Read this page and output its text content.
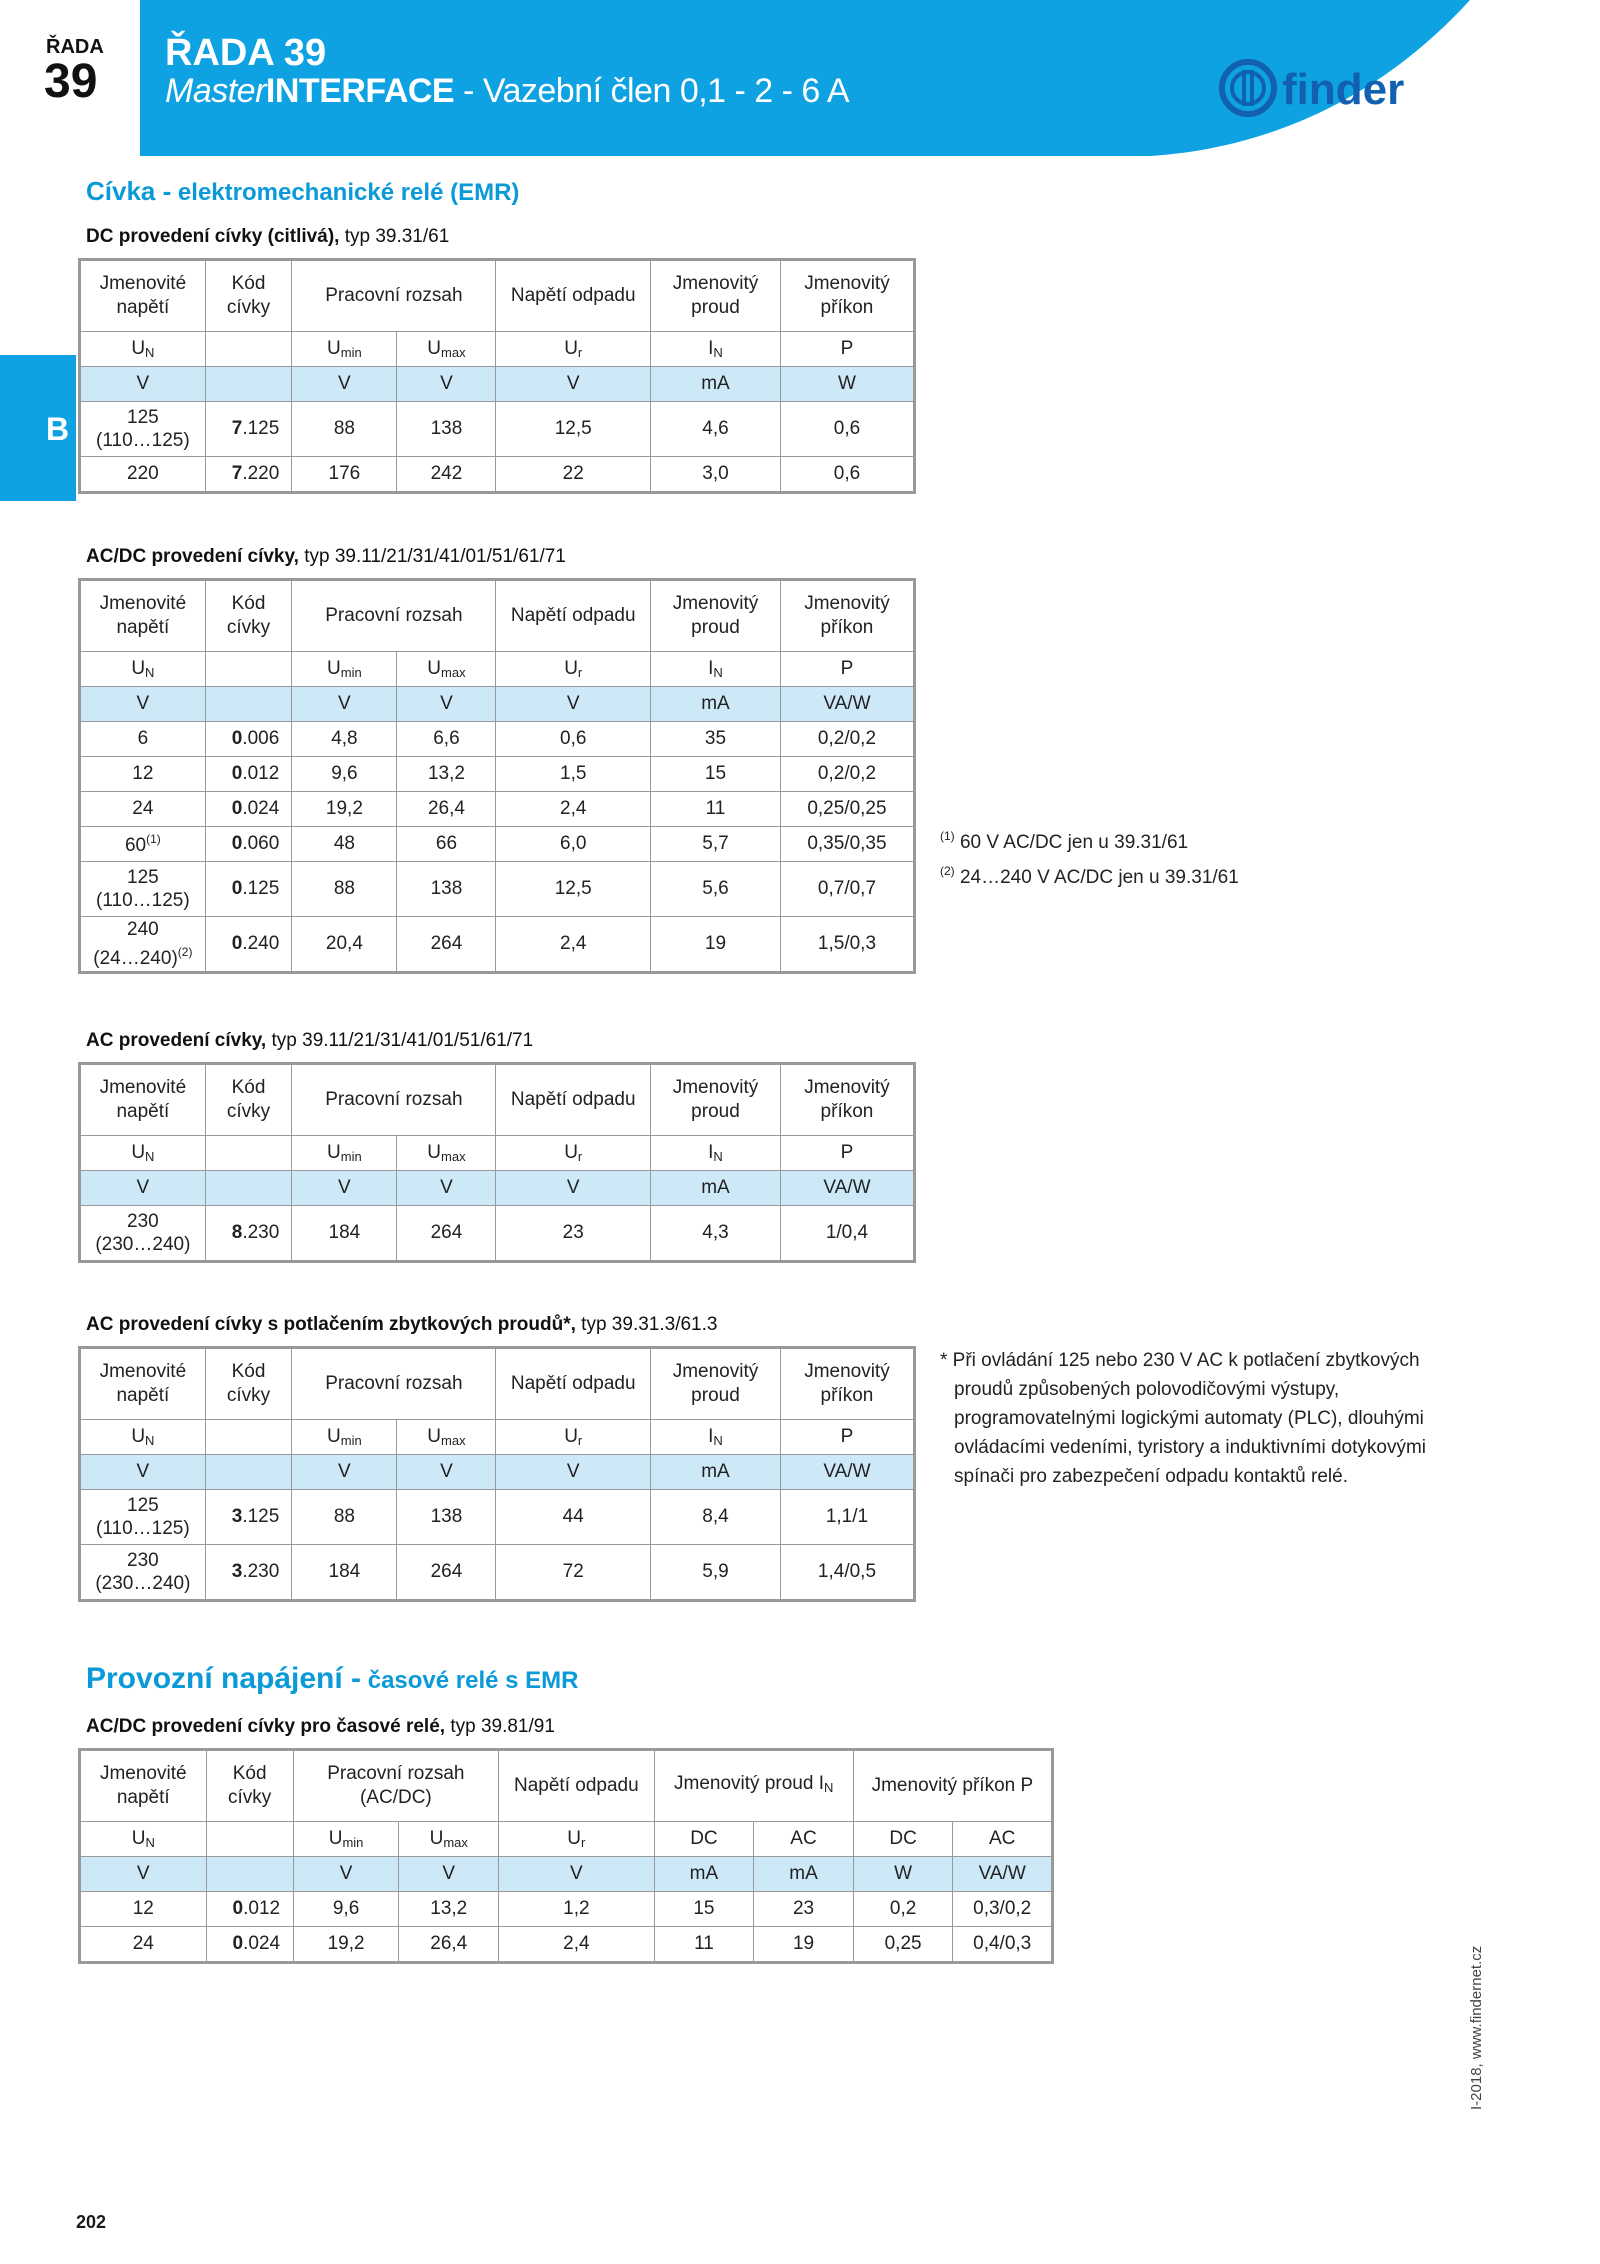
ŘADA
39
ŘADA 39
MasterINTERFACE - Vazební člen 0,1 - 2 - 6 A	finder
B
Cívka - elektromechanické relé (EMR)
DC provedení cívky (citlivá), typ 39.31/61
Jmenovité napětí	Kód cívky	Pracovní rozsah		Napětí odpadu	Jmenovitý proud	Jmenovitý příkon
$U_N$		$U_{min}$	$U_{max}$	$U_r$	$I_N$	P
V		V	V	V	mA	W
125
(110…125)	7.125	88	138	12,5	4,6	0,6
220	7.220	176	242	22	3,0	0,6
AC/DC provedení cívky, typ 39.11/21/31/41/01/51/61/71
Jmenovité napětí	Kód cívky	Pracovní rozsah		Napětí odpadu	Jmenovitý proud	Jmenovitý příkon
$U_N$		$U_{min}$	$U_{max}$	$U_r$	$I_N$	P
V		V	V	V	mA	VA/W
6	0.006	4,8	6,6	0,6	35	0,2/0,2
12	0.012	9,6	13,2	1,5	15	0,2/0,2
24	0.024	19,2	26,4	2,4	11	0,25/0,25
60$^{(1)}$	0.060	48	66	6,0	5,7	0,35/0,35
125
(110…125)	0.125	88	138	12,5	5,6	0,7/0,7
240
(24…240)$^{(2)}$	0.240	20,4	264	2,4	19	1,5/0,3
$^{(1)}$ 60 V AC/DC jen u 39.31/61
$^{(2)}$ 24…240 V AC/DC jen u 39.31/61
AC provedení cívky, typ 39.11/21/31/41/01/51/61/71
Jmenovité napětí	Kód cívky	Pracovní rozsah		Napětí odpadu	Jmenovitý proud	Jmenovitý příkon
$U_N$		$U_{min}$	$U_{max}$	$U_r$	$I_N$	P
V		V	V	V	mA	VA/W
230
(230…240)	8.230	184	264	23	4,3	1/0,4
AC provedení cívky s potlačením zbytkových proudů*, typ 39.31.3/61.3
Jmenovité napětí	Kód cívky	Pracovní rozsah		Napětí odpadu	Jmenovitý proud	Jmenovitý příkon
$U_N$		$U_{min}$	$U_{max}$	$U_r$	$I_N$	P
V		V	V	V	mA	VA/W
125
(110…125)	3.125	88	138	44	8,4	1,1/1
230
(230…240)	3.230	184	264	72	5,9	1,4/0,5
* Při ovládání 125 nebo 230 V AC k potlačení zbytkových
proudů způsobených polovodičovými výstupy,
programovatelnými logickými automaty (PLC), dlouhými
ovládacími vedeními, tyristory a induktivními dotykovými
spínači pro zabezpečení odpadu kontaktů relé.
Provozní napájení - časové relé s EMR
AC/DC provedení cívky pro časové relé, typ 39.81/91
Jmenovité napětí	Kód cívky	Pracovní rozsah (AC/DC)		Napětí odpadu	Jmenovitý proud $I_N$		Jmenovitý příkon P	
$U_N$		$U_{min}$	$U_{max}$	$U_r$	DC	AC	DC	AC
V		V	V	V	mA	mA	W	VA/W
12	0.012	9,6	13,2	1,2	15	23	0,2	0,3/0,2
24	0.024	19,2	26,4	2,4	11	19	0,25	0,4/0,3
202
I-2018, www.findernet.cz
